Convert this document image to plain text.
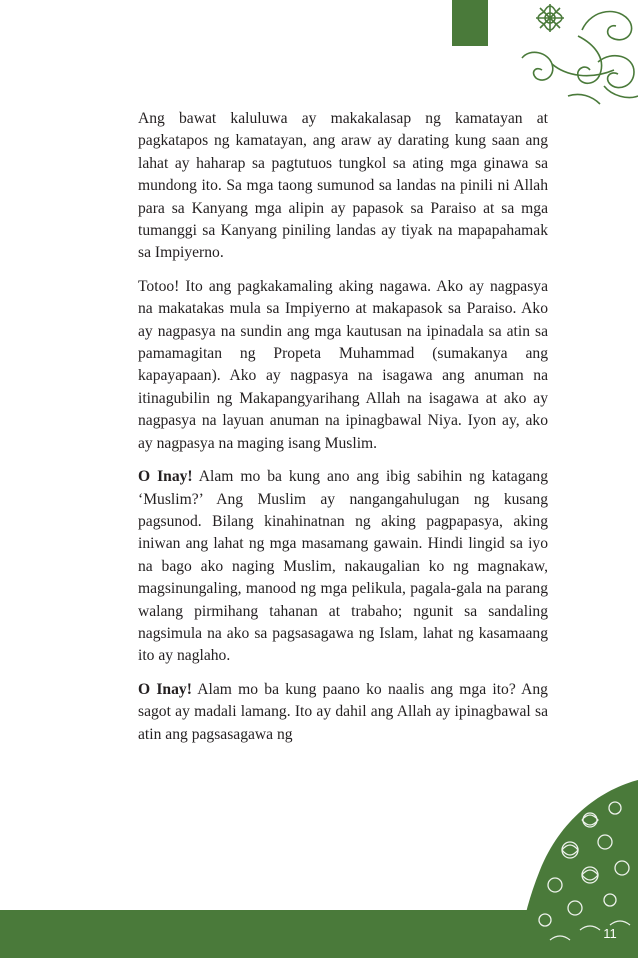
Ang bawat kaluluwa ay makakalasap ng kamatayan at pagkatapos ng kamatayan, ang araw ay darating kung saan ang lahat ay haharap sa pagtutuos tungkol sa ating mga ginawa sa mundong ito. Sa mga taong sumunod sa landas na pinili ni Allah para sa Kanyang mga alipin ay papasok sa Paraiso at sa mga tumanggi sa Kanyang piniling landas ay tiyak na mapapahamak sa Impiyerno.

Totoo! Ito ang pagkakamaling aking nagawa. Ako ay nagpasya na makatakas mula sa Impiyerno at makapasok sa Paraiso. Ako ay nagpasya na sundin ang mga kautusan na ipinadala sa atin sa pamamagitan ng Propeta Muhammad (sumakanya ang kapayapaan). Ako ay nagpasya na isagawa ang anuman na itinagubilin ng Makapangyarihang Allah na isagawa at ako ay nagpasya na layuan anuman na ipinagbawal Niya. Iyon ay, ako ay nagpasya na maging isang Muslim.

O Inay! Alam mo ba kung ano ang ibig sabihin ng katagang ‘Muslim?’ Ang Muslim ay nangangahulugan ng kusang pagsunod. Bilang kinahinatnan ng aking pagpapasya, aking iniwan ang lahat ng mga masamang gawain. Hindi lingid sa iyo na bago ako naging Muslim, nakaugalian ko ng magnakaw, magsinungaling, manood ng mga pelikula, pagala-gala na parang walang pirmihang tahanan at trabaho; ngunit sa sandaling nagsimula na ako sa pagsasagawa ng Islam, lahat ng kasamaang ito ay naglaho.

O Inay! Alam mo ba kung paano ko naalis ang mga ito? Ang sagot ay madali lamang. Ito ay dahil ang Allah ay ipinagbawal sa atin ang pagsasagawa ng

11
